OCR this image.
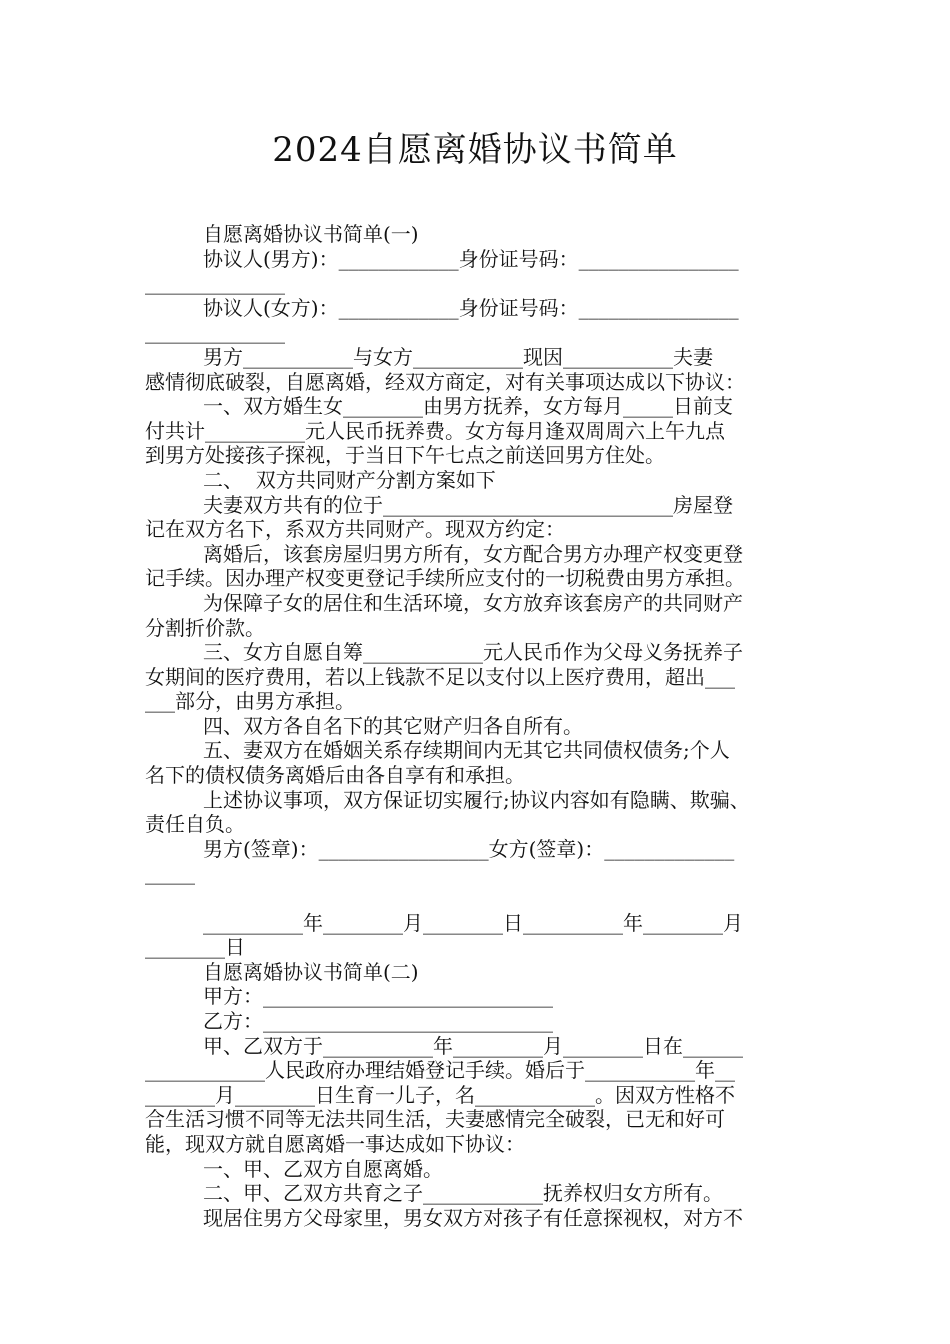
2024自愿离婚协议书简单
自愿离婚协议书简单(一)
协议人(男方)：____________身份证号码：________________
______________
协议人(女方)：____________身份证号码：________________
______________
男方___________与女方___________现因___________夫妻
感情彻底破裂，自愿离婚，经双方商定，对有关事项达成以下协议：
一、双方婚生女________由男方抚养，女方每月_____日前支
付共计__________元人民币抚养费。女方每月逢双周周六上午九点
到男方处接孩子探视，于当日下午七点之前送回男方住处。
二、  双方共同财产分割方案如下
夫妻双方共有的位于_____________________________房屋登
记在双方名下，系双方共同财产。现双方约定：
离婚后，该套房屋归男方所有，女方配合男方办理产权变更登
记手续。因办理产权变更登记手续所应支付的一切税费由男方承担。
为保障子女的居住和生活环境，女方放弃该套房产的共同财产
分割折价款。
三、女方自愿自筹____________元人民币作为父母义务抚养子
女期间的医疗费用，若以上钱款不足以支付以上医疗费用，超出___
___部分，由男方承担。
四、双方各自名下的其它财产归各自所有。
五、妻双方在婚姻关系存续期间内无其它共同债权债务;个人
名下的债权债务离婚后由各自享有和承担。
上述协议事项，双方保证切实履行;协议内容如有隐瞒、欺骗、
责任自负。
男方(签章)：_________________女方(签章)：_____________
_____
__________年________月________日__________年________月
________日
自愿离婚协议书简单(二)
甲方：_____________________________
乙方：_____________________________
甲、乙双方于___________年_________月________日在______
____________人民政府办理结婚登记手续。婚后于___________年__
_______月________日生育一儿子，名____________。因双方性格不
合生活习惯不同等无法共同生活，夫妻感情完全破裂，已无和好可
能，现双方就自愿离婚一事达成如下协议：
一、甲、乙双方自愿离婚。
二、甲、乙双方共育之子____________抚养权归女方所有。
现居住男方父母家里，男女双方对孩子有任意探视权，对方不
